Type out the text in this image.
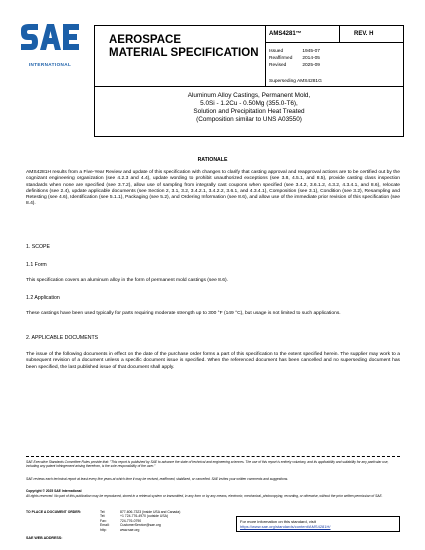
INTERNATIONAL
AEROSPACE
MATERIAL SPECIFICATION
AMS4281™	REV. H
Issued	1945-07
Reaffirmed 2014-05
Revised	2025-09
Superseding AMS4281G
Aluminum Alloy Castings, Permanent Mold,
5.0Si - 1.2Cu - 0.50Mg (355.0-T6),
Solution and Precipitation Heat Treated
(Composition similar to UNS A03550)
RATIONALE
AMS4281H results from a Five-Year Review and update of this specification with changes to clarify that casting approval and reapproval actions are to be certified out by the cognizant engineering organization (see 4.2.3 and 4.4), update wording to prohibit unauthorized exceptions (see 3.8, 4.5.1, and 8.5), provide casting class inspection standards when none are specified (see 3.7.2), allow use of sampling from integrally cast coupons when specified (see 3.4.2, 3.6.1.2, 4.3.2, 4.3.4.1, and 8.6), relocate definitions (see 2.4), update applicable documents (see Section 2, 3.1, 3.2, 3.4.2.1, 3.4.2.2, 3.6.1, and 4.3.4.1), Composition (see 3.1), Condition (see 3.2), Resampling and Retesting (see 4.6), Identification (see 5.1.1), Packaging (see 5.2), and Ordering Information (see 8.6), and allow use of the immediate prior revision of this specification (see 8.4).
1. SCOPE
1.1 Form
This specification covers an aluminum alloy in the form of permanent mold castings (see 8.6).
1.2 Application
These castings have been used typically for parts requiring moderate strength up to 300 °F (149 °C), but usage is not limited to such applications.
2. APPLICABLE DOCUMENTS
The issue of the following documents in effect on the date of the purchase order forms a part of this specification to the extent specified herein. The supplier may work to a subsequent revision of a document unless a specific document issue is specified. When the referenced document has been cancelled and no superseding document has been specified, the last published issue of that document shall apply.
SAE Executive Standards Committee Rules provide that: "This report is published by SAE to advance the state of technical and engineering sciences. The use of this report is entirely voluntary, and its applicability and suitability for any particular use, including any patent infringement arising therefrom, is the sole responsibility of the user."
SAE reviews each technical report at least every five years at which time it may be revised, reaffirmed, stabilized, or cancelled. SAE invites your written comments and suggestions.
Copyright © 2025 SAE International
All rights reserved. No part of this publication may be reproduced, stored in a retrieval system or transmitted, in any form or by any means, electronic, mechanical, photocopying, recording, or otherwise, without the prior written permission of SAE.
TO PLACE A DOCUMENT ORDER:	Tel:	877-606-7323 (inside USA and Canada)
Tel:	+1 724-776-4970 (outside USA)
Fax:	724-776-0790
Email:	CustomerService@sae.org
http:	www.sae.org
SAE WEB ADDRESS:
For more information on this standard, visit
https://www.sae.org/standards/content/AMS4281H/
